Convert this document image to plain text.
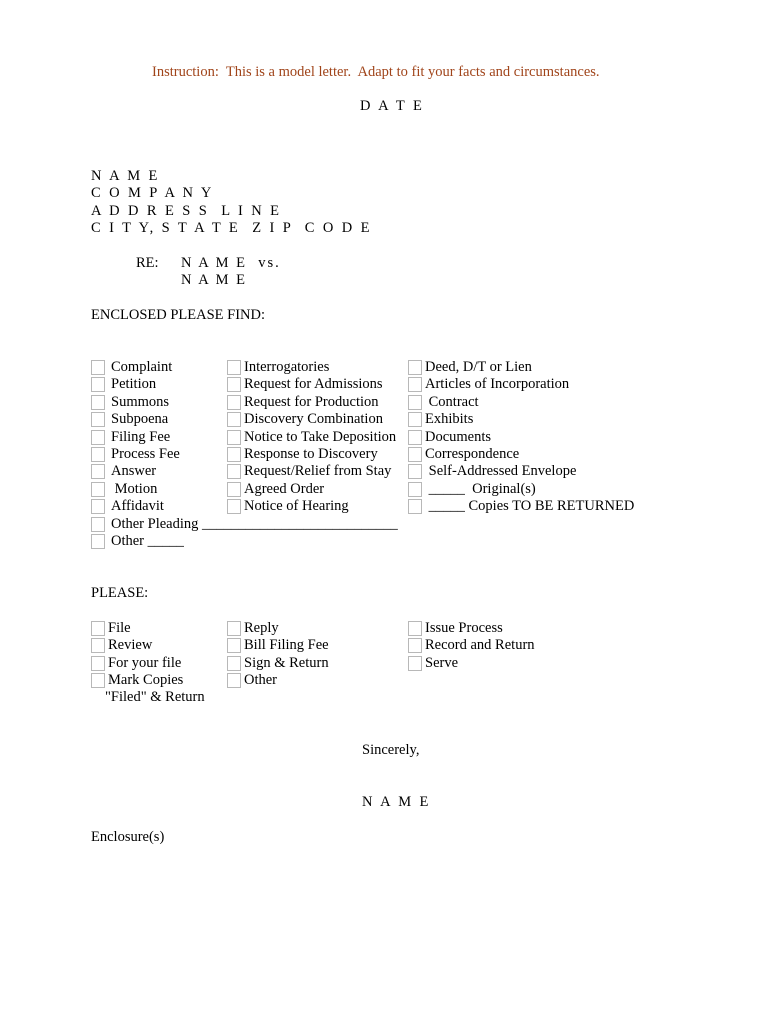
Instruction:  This is a model letter.  Adapt to fit your facts and circumstances.
D A T E
N A M E
C O M P A N Y
A D D R E S S  L I N E
C I T Y, S T A T E  Z I P  C O D E
RE: N A M E  vs.
N A M E
ENCLOSED PLEASE FIND:
Complaint
Petition
Summons
Subpoena
Filing Fee
Process Fee
Answer
Motion
Affidavit
Other Pleading ___________________________
Other _____
Interrogatories
Request for Admissions
Request for Production
Discovery Combination
Notice to Take Deposition
Response to Discovery
Request/Relief from Stay
Agreed Order
Notice of Hearing
Deed, D/T or Lien
Articles of Incorporation
Contract
Exhibits
Documents
Correspondence
Self-Addressed Envelope
_____  Original(s)
_____ Copies TO BE RETURNED
PLEASE:
File
Review
For your file
Mark Copies
Reply
Bill Filing Fee
Sign & Return
Other
Issue Process
Record and Return
Serve
"Filed" & Return
Sincerely,
N A M E
Enclosure(s)
